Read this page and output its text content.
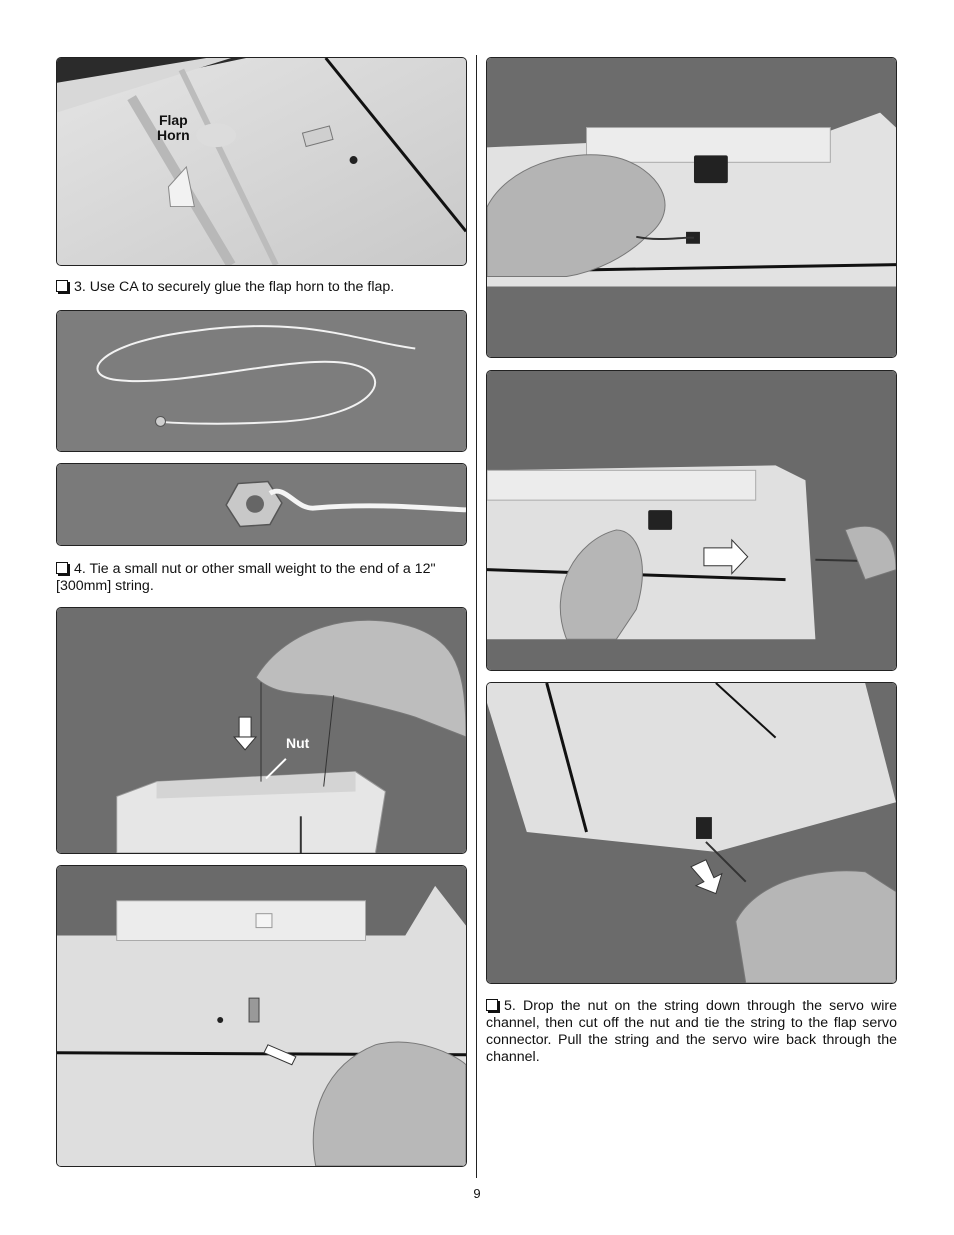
Flap
Horn

3. Use CA to securely glue the flap horn to the flap.

4. Tie a small nut or other small weight to the end of a 12" [300mm] string.

Nut

5. Drop the nut on the string down through the servo wire channel, then cut off the nut and tie the string to the flap servo connector. Pull the string and the servo wire back through the channel.

9
